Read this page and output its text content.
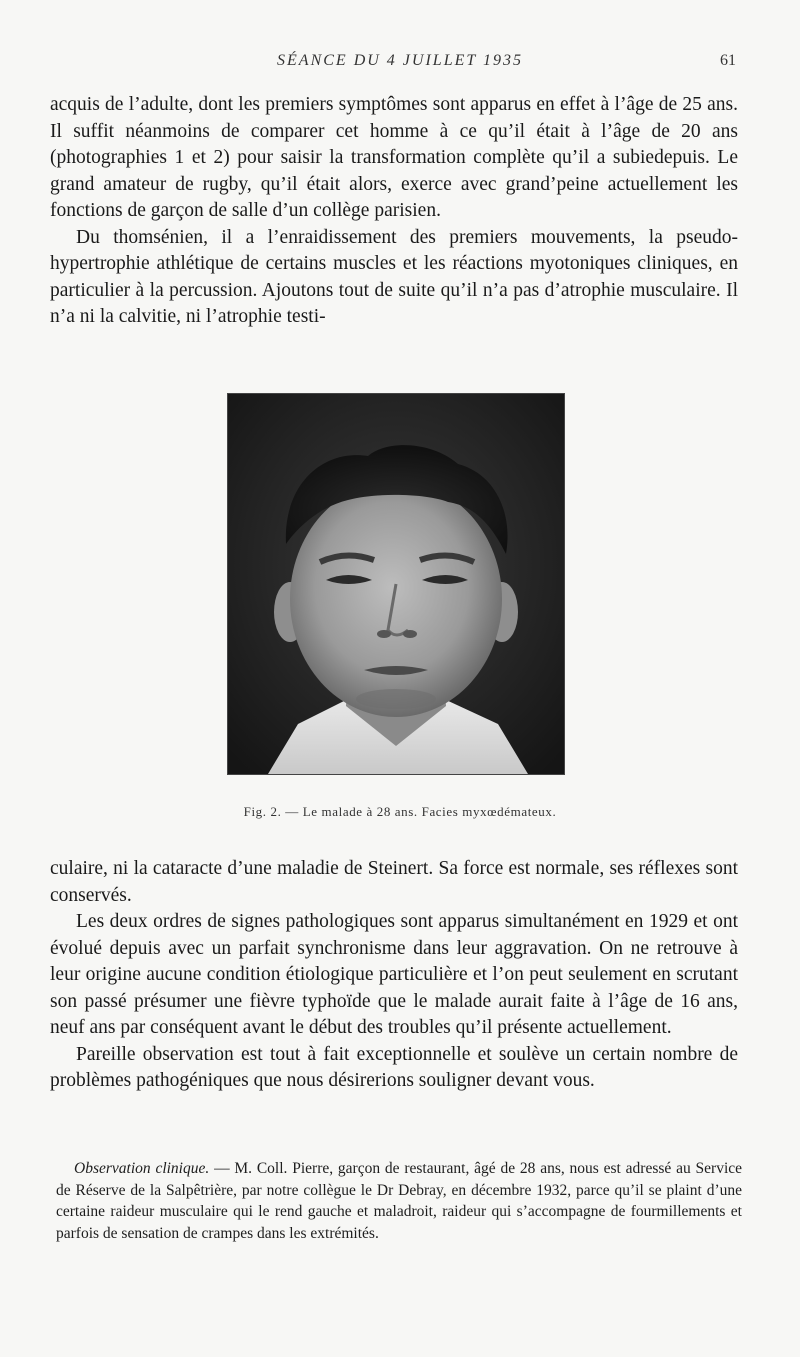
SÉANCE DU 4 JUILLET 1935	61

acquis de l’adulte, dont les premiers symptômes sont apparus en effet à l’âge de 25 ans. Il suffit néanmoins de comparer cet homme à ce qu’il était à l’âge de 20 ans (photographies 1 et 2) pour saisir la transformation complète qu’il a subiedepuis. Le grand amateur de rugby, qu’il était alors, exerce avec grand’peine actuellement les fonctions de garçon de salle d’un collège parisien.

Du thomsénien, il a l’enraidissement des premiers mouvements, la pseudo-hypertrophie athlétique de certains muscles et les réactions myotoniques cliniques, en particulier à la percussion. Ajoutons tout de suite qu’il n’a pas d’atrophie musculaire. Il n’a ni la calvitie, ni l’atrophie testi-

Fig. 2. — Le malade à 28 ans. Facies myxœdémateux.

culaire, ni la cataracte d’une maladie de Steinert. Sa force est normale, ses réflexes sont conservés.

Les deux ordres de signes pathologiques sont apparus simultanément en 1929 et ont évolué depuis avec un parfait synchronisme dans leur aggravation. On ne retrouve à leur origine aucune condition étiologique particulière et l’on peut seulement en scrutant son passé présumer une fièvre typhoïde que le malade aurait faite à l’âge de 16 ans, neuf ans par conséquent avant le début des troubles qu’il présente actuellement.

Pareille observation est tout à fait exceptionnelle et soulève un certain nombre de problèmes pathogéniques que nous désirerions souligner devant vous.

Observation clinique. — M. Coll. Pierre, garçon de restaurant, âgé de 28 ans, nous est adressé au Service de Réserve de la Salpêtrière, par notre collègue le Dr Debray, en décembre 1932, parce qu’il se plaint d’une certaine raideur musculaire qui le rend gauche et maladroit, raideur qui s’accompagne de fourmillements et parfois de sensation de crampes dans les extrémités.
